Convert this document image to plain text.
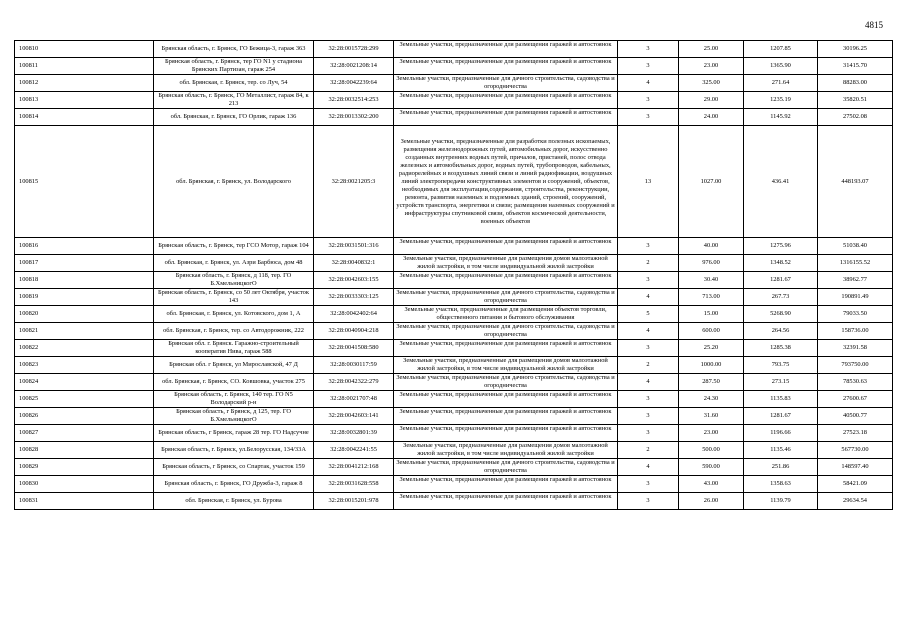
4815
100810	Брянская область, г. Брянск, ГО Бежица-3, гараж 363	32:28:0015728:299	Земельные участки, предназначенные для размещения гаражей и автостоянок	3	25.00	1207.85	30196.25
100811	Брянская область, г. Брянск, тер ГО N1 у стадиона Брянских Партизан, гараж 254	32:28:0021208:14	Земельные участки, предназначенные для размещения гаражей и автостоянок	3	23.00	1365.90	31415.70
100812	обл. Брянская, г. Брянск, тер. со Луч, 54	32:28:0042239:64	Земельные участки, предназначенные для дачного строительства, садоводства и огородничества	4	325.00	271.64	88283.00
100813	Брянская область, г. Брянск, ГО Металлист, гараж 84, к 213	32:28:0032514:253	Земельные участки, предназначенные для размещения гаражей и автостоянок	3	29.00	1235.19	35820.51
100814	обл. Брянская, г. Брянск, ГО Орлик, гараж 136	32:28:0013302:200	Земельные участки, предназначенные для размещения гаражей и автостоянок	3	24.00	1145.92	27502.08
100815	обл. Брянская, г. Брянск, ул. Володарского	32:28:0021205:3	Земельные участки, предназначенные для разработки полезных ископаемых, размещения железнодорожных путей, автомобильных дорог, искусственно созданных внутренних водных путей, причалов, пристаней, полос отвода железных и автомобильных дорог, водных путей, трубопроводов, кабельных, радиорелейных и воздушных линий связи и линий радиофикации, воздушных линий электропередачи конструктивных элементов и сооружений, объектов, необходимых для эксплуатации,содержания, строительства, реконструкции, ремонта, развития наземных и подземных зданий, строений, сооружений, устройств транспорта, энергетики и связи; размещения наземных сооружений и инфраструктуры спутниковой связи, объектов космической деятельности, военных объектов	13	1027.00	436.41	448193.07
100816	Брянская область, г. Брянск, тер ГСО Мотор, гараж 104	32:28:0031501:316	Земельные участки, предназначенные для размещения гаражей и автостоянок	3	40.00	1275.96	51038.40
100817	обл. Брянская, г. Брянск, ул. Азри Барбюса, дом 48	32:28:0040832:1	Земельные участки, предназначенные для размещения домов малоэтажной жилой застройки, в том числе индивидуальной жилой застройки	2	976.00	1348.52	1316155.52
100818	Брянская область, г. Брянск, д 118, тер. ГО Б.ХмельницкогО	32:28:0042603:155	Земельные участки, предназначенные для размещения гаражей и автостоянок	3	30.40	1281.67	38962.77
100819	Брянская область, г. Брянск, со 50 лет Октября, участок 143	32:28:0033303:125	Земельные участки, предназначенные для дачного строительства, садоводства и огородничества	4	713.00	267.73	190891.49
100820	обл. Брянская, г. Брянск, ул. Котовского, дом 1, А	32:28:0042402:64	Земельные участки, предназначенные для размещения объектов торговли, общественного питания и бытового обслуживания	5	15.00	5268.90	79033.50
100821	обл. Брянская, г. Брянск, тер. со Автодорожник, 222	32:28:0040904:218	Земельные участки, предназначенные для дачного строительства, садоводства и огородничества	4	600.00	264.56	158736.00
100822	Брянская обл. г. Брянск. Гаражно-строительный кооператив Нива, гараж 588	32:28:0041508:580	Земельные участки, предназначенные для размещения гаражей и автостоянок	3	25.20	1285.38	32391.58
100823	Брянская обл. г Брянск, ул Мирославской, 47 Д	32:28:0030117:59	Земельные участки, предназначенные для размещения домов малоэтажной жилой застройки, в том числе индивидуальной жилой застройки	2	1000.00	793.75	793750.00
100824	обл. Брянская, г. Брянск, СО. Ковшовка, участок 275	32:28:0042322:279	Земельные участки, предназначенные для дачного строительства, садоводства и огородничества	4	287.50	273.15	78530.63
100825	Брянская область, г. Брянск, 140 тер. ГО N5 Володарский р-н	32:28:0021707:48	Земельные участки, предназначенные для размещения гаражей и автостоянок	3	24.30	1135.83	27600.67
100826	Брянская область, г Брянск, д 125, тер. ГО Б.ХмельницкогО	32:28:0042603:141	Земельные участки, предназначенные для размещения гаражей и автостоянок	3	31.60	1281.67	40500.77
100827	Брянская область, г Брянск, гараж 28 тер. ГО Надсучне	32:28:0032801:39	Земельные участки, предназначенные для размещения гаражей и автостоянок	3	23.00	1196.66	27523.18
100828	Брянская область, г. Брянск, ул.Белорусская, 134/33А	32:28:0042241:55	Земельные участки, предназначенные для размещения домов малоэтажной жилой застройки, в том числе индивидуальной жилой застройки	2	500.00	1135.46	567730.00
100829	Брянская область, г Брянск, со Спартак, участок 159	32:28:0041212:168	Земельные участки, предназначенные для дачного строительства, садоводства и огородничества	4	590.00	251.86	148597.40
100830	Брянская область, г. Брянск, ГО Дружба-3, гараж 8	32:28:0031628:558	Земельные участки, предназначенные для размещения гаражей и автостоянок	3	43.00	1358.63	58421.09
100831	обл. Брянская, г. Брянск, ул. Бурова	32:28:0015201:978	Земельные участки, предназначенные для размещения гаражей и автостоянок	3	26.00	1139.79	29634.54
